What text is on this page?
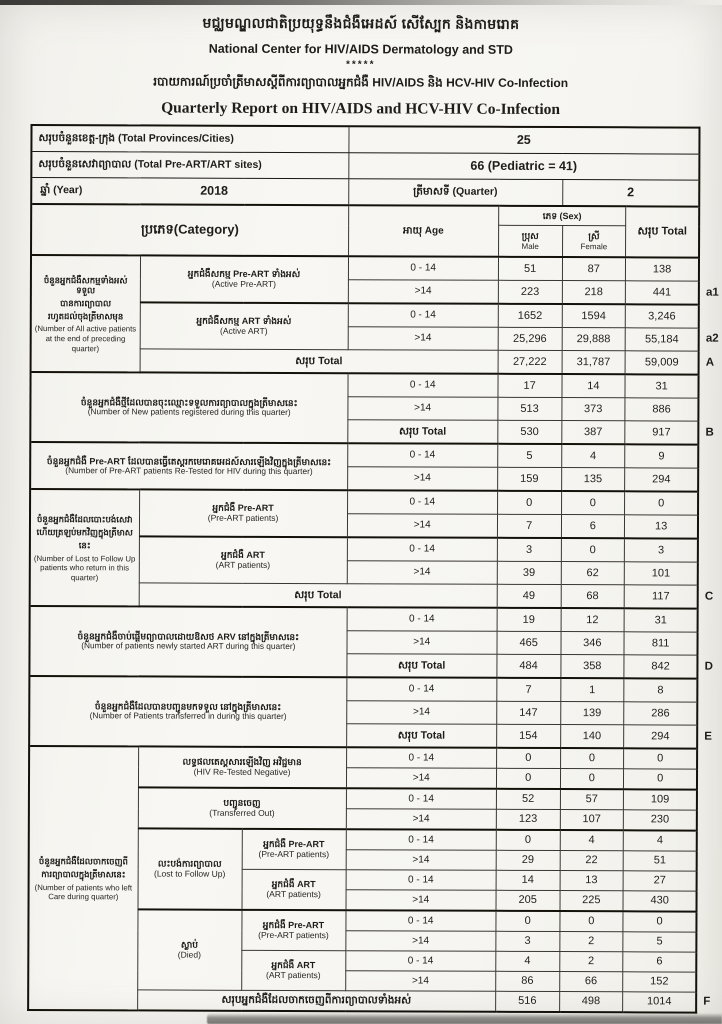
មជ្ឈមណ្ឌលជាតិប្រយុទ្ធនឹងជំងឺអេដស៍ សើស្បែក និងកាមរោគ
National Center for HIV/AIDS Dermatology and STD
*****
របាយការណ៍ប្រចាំត្រីមាសស្តីពីការព្យាបាលអ្នកជំងឺ HIV/AIDS និង HCV-HIV Co-Infection
Quarterly Report on HIV/AIDS and HCV-HIV Co-Infection
សរុបចំនួនខេត្ត-ក្រុង (Total Provinces/Cities)			25				
សរុបចំនួនសេវាព្យាបាល (Total Pre-ART/ART sites)			66 (Pediatric = 41)				

ឆ្នាំ (Year) 2018			ត្រីមាសទី (Quarter)		2		
ប្រភេទ(Category)			អាយុ Age	ភេទ (Sex)		សរុប Total	

ប្រុស
Male

ស្រី
Female

ចំនួនអ្នកជំងឺសកម្មទាំងអស់ទទួល
បានការព្យាបាល
រហូតដល់ចុងត្រីមាសមុន
(Number of All active patients
at the end of preceding quarter)

អ្នកជំងឺសកម្ម Pre-ART ទាំងអស់
(Active Pre-ART)
	0 - 14	51	87	138	
			>14	223	218	441	a1

	អ្នកជំងឺសកម្ម ART ទាំងអស់
(Active ART)		0 - 14	1652	1594	3,246	
			>14	25,296	29,888	55,184	a2
	សរុប Total			27,222	31,787	59,009	A

ចំនួនអ្នកជំងឺថ្មីដែលបានចុះឈ្មោះទទួលការព្យាបាលក្នុងត្រីមាសនេះ
(Number of New patients registered during this quarter)			0 - 14	17	14	31	
			>14	513	373	886	
			សរុប Total	530	387	917	B

ចំនួនអ្នកជំងឺ Pre-ART ដែលបានធ្វើតេស្តរកមេរោគអេដស៍សារឡើងវិញក្នុងត្រីមាសនេះ
(Number of Pre-ART patients Re-Tested for HIV during this quarter)			0 - 14	5	4	9	
			>14	159	135	294	

ចំនួនអ្នកជំងឺដែលបោះបង់សេវា
ហើយត្រឡប់មកវិញក្នុងត្រីមាស
នេះ
(Number of Lost to Follow Up
patients who return in this quarter)

អ្នកជំងឺ Pre-ART
(Pre-ART patients)
	0 - 14	0	0	0	
			>14	7	6	13	

	អ្នកជំងឺ ART
(ART patients)		0 - 14	3	0	3	
			>14	39	62	101	
	សរុប Total			49	68	117	C

ចំនួនអ្នកជំងឺចាប់ផ្តើមព្យាបាលដោយឱសថ ARV នៅក្នុងត្រីមាសនេះ
(Number of patients newly started ART during this quarter)			0 - 14	19	12	31	
			>14	465	346	811	
			សរុប Total	484	358	842	D

ចំនួនអ្នកជំងឺដែលបានបញ្ជូនមកទទួល នៅក្នុងត្រីមាសនេះ
(Number of Patients transferred in during this quarter)			0 - 14	7	1	8	
			>14	147	139	286	
			សរុប Total	154	140	294	E

ចំនួនអ្នកជំងឺដែលចាកចេញពី
ការព្យាបាលក្នុងត្រីមាសនេះ
(Number of patients who left
Care during quarter)

លទ្ធផលតេស្តសារឡើងវិញ អវិជ្ជមាន
(HIV Re-Tested Negative)
	0 - 14	0	0	0	
			>14	0	0	0	

	បញ្ជូនចេញ
(Transferred Out)		0 - 14	52	57	109	
			>14	123	107	230	

លះបង់ការព្យាបាល
(Lost to Follow Up)

អ្នកជំងឺ Pre-ART
(Pre-ART patients)
	0 - 14	0	4	4	
			>14	29	22	51	

		អ្នកជំងឺ ART
(ART patients)	0 - 14	14	13	27	
			>14	205	225	430	

ស្លាប់
(Died)

អ្នកជំងឺ Pre-ART
(Pre-ART patients)
	0 - 14	0	0	0	
			>14	3	2	5	

		អ្នកជំងឺ ART
(ART patients)	0 - 14	4	2	6	
			>14	86	66	152	
	សរុបអ្នកជំងឺដែលចាកចេញពីការព្យាបាលទាំងអស់			516	498	1014	F
